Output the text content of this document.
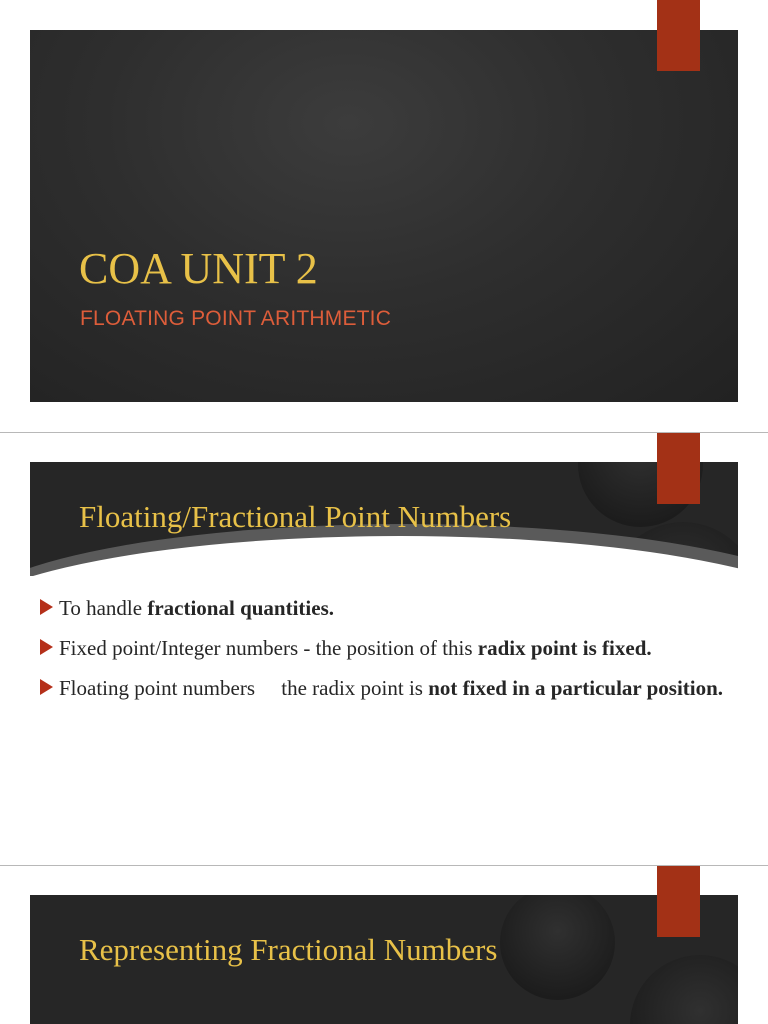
COA UNIT 2
FLOATING POINT ARITHMETIC
Floating/Fractional Point Numbers
To handle fractional quantities.
Fixed point/Integer numbers - the position of this radix point is fixed.
Floating point numbers     the radix point is not fixed in a particular position.
Representing Fractional Numbers
